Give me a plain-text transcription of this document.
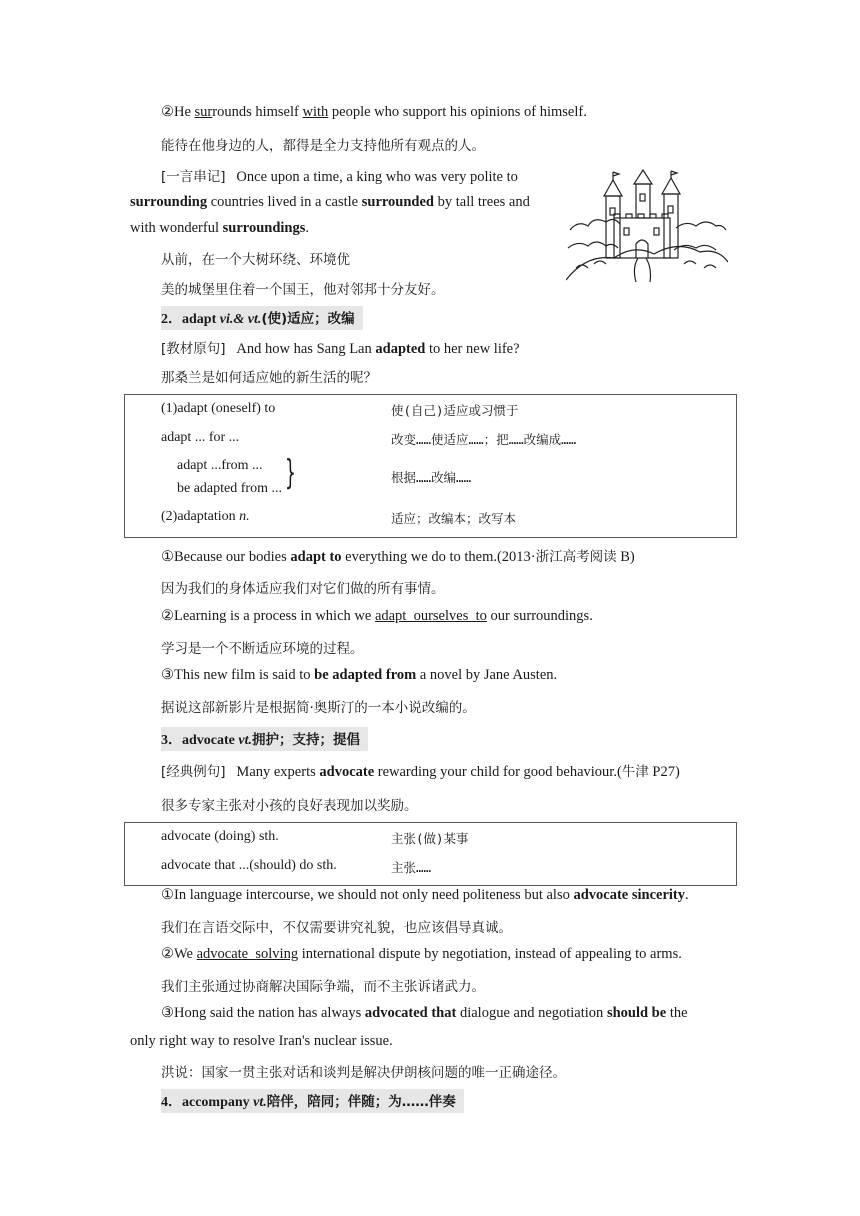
②He surrounds himself with people who support his opinions of himself.
能待在他身边的人，都得是全力支持他所有观点的人。
[一言串记] Once upon a time, a king who was very polite to
surrounding countries lived in a castle surrounded by tall trees and
with wonderful surroundings.
从前，在一个大树环绕、环境优
美的城堡里住着一个国王，他对邻邦十分友好。
2．adapt vi.& vt.(使)适应；改编
[教材原句] And how has Sang Lan adapted to her new life?
那桑兰是如何适应她的新生活的呢？
(1)adapt (oneself) to	使(自己)适应或习惯于
adapt ... for ...	改变……使适应……；把……改编成……
adapt ...from ...
be adapted from ... }	根据……改编……
(2)adaptation n.	适应；改编本；改写本
①Because our bodies adapt to everything we do to them.(2013·浙江高考阅读 B)
因为我们的身体适应我们对它们做的所有事情。
②Learning is a process in which we adapt  ourselves  to our surroundings.
学习是一个不断适应环境的过程。
③This new film is said to be adapted from a novel by Jane Austen.
据说这部新影片是根据简·奥斯汀的一本小说改编的。
3．advocate vt.拥护；支持；提倡
[经典例句] Many experts advocate rewarding your child for good behaviour.(牛津 P27)
很多专家主张对小孩的良好表现加以奖励。
advocate (doing) sth.	主张(做)某事
advocate that ...(should) do sth.	主张……
①In language intercourse, we should not only need politeness but also advocate sincerity.
我们在言语交际中，不仅需要讲究礼貌，也应该倡导真诚。
②We advocate  solving international dispute by negotiation, instead of appealing to arms.
我们主张通过协商解决国际争端，而不主张诉诸武力。
③Hong said the nation has always advocated that dialogue and negotiation should be the
only right way to resolve Iran's nuclear issue.
洪说：国家一贯主张对话和谈判是解决伊朗核问题的唯一正确途径。
4．accompany vt.陪伴，陪同；伴随；为……伴奏
